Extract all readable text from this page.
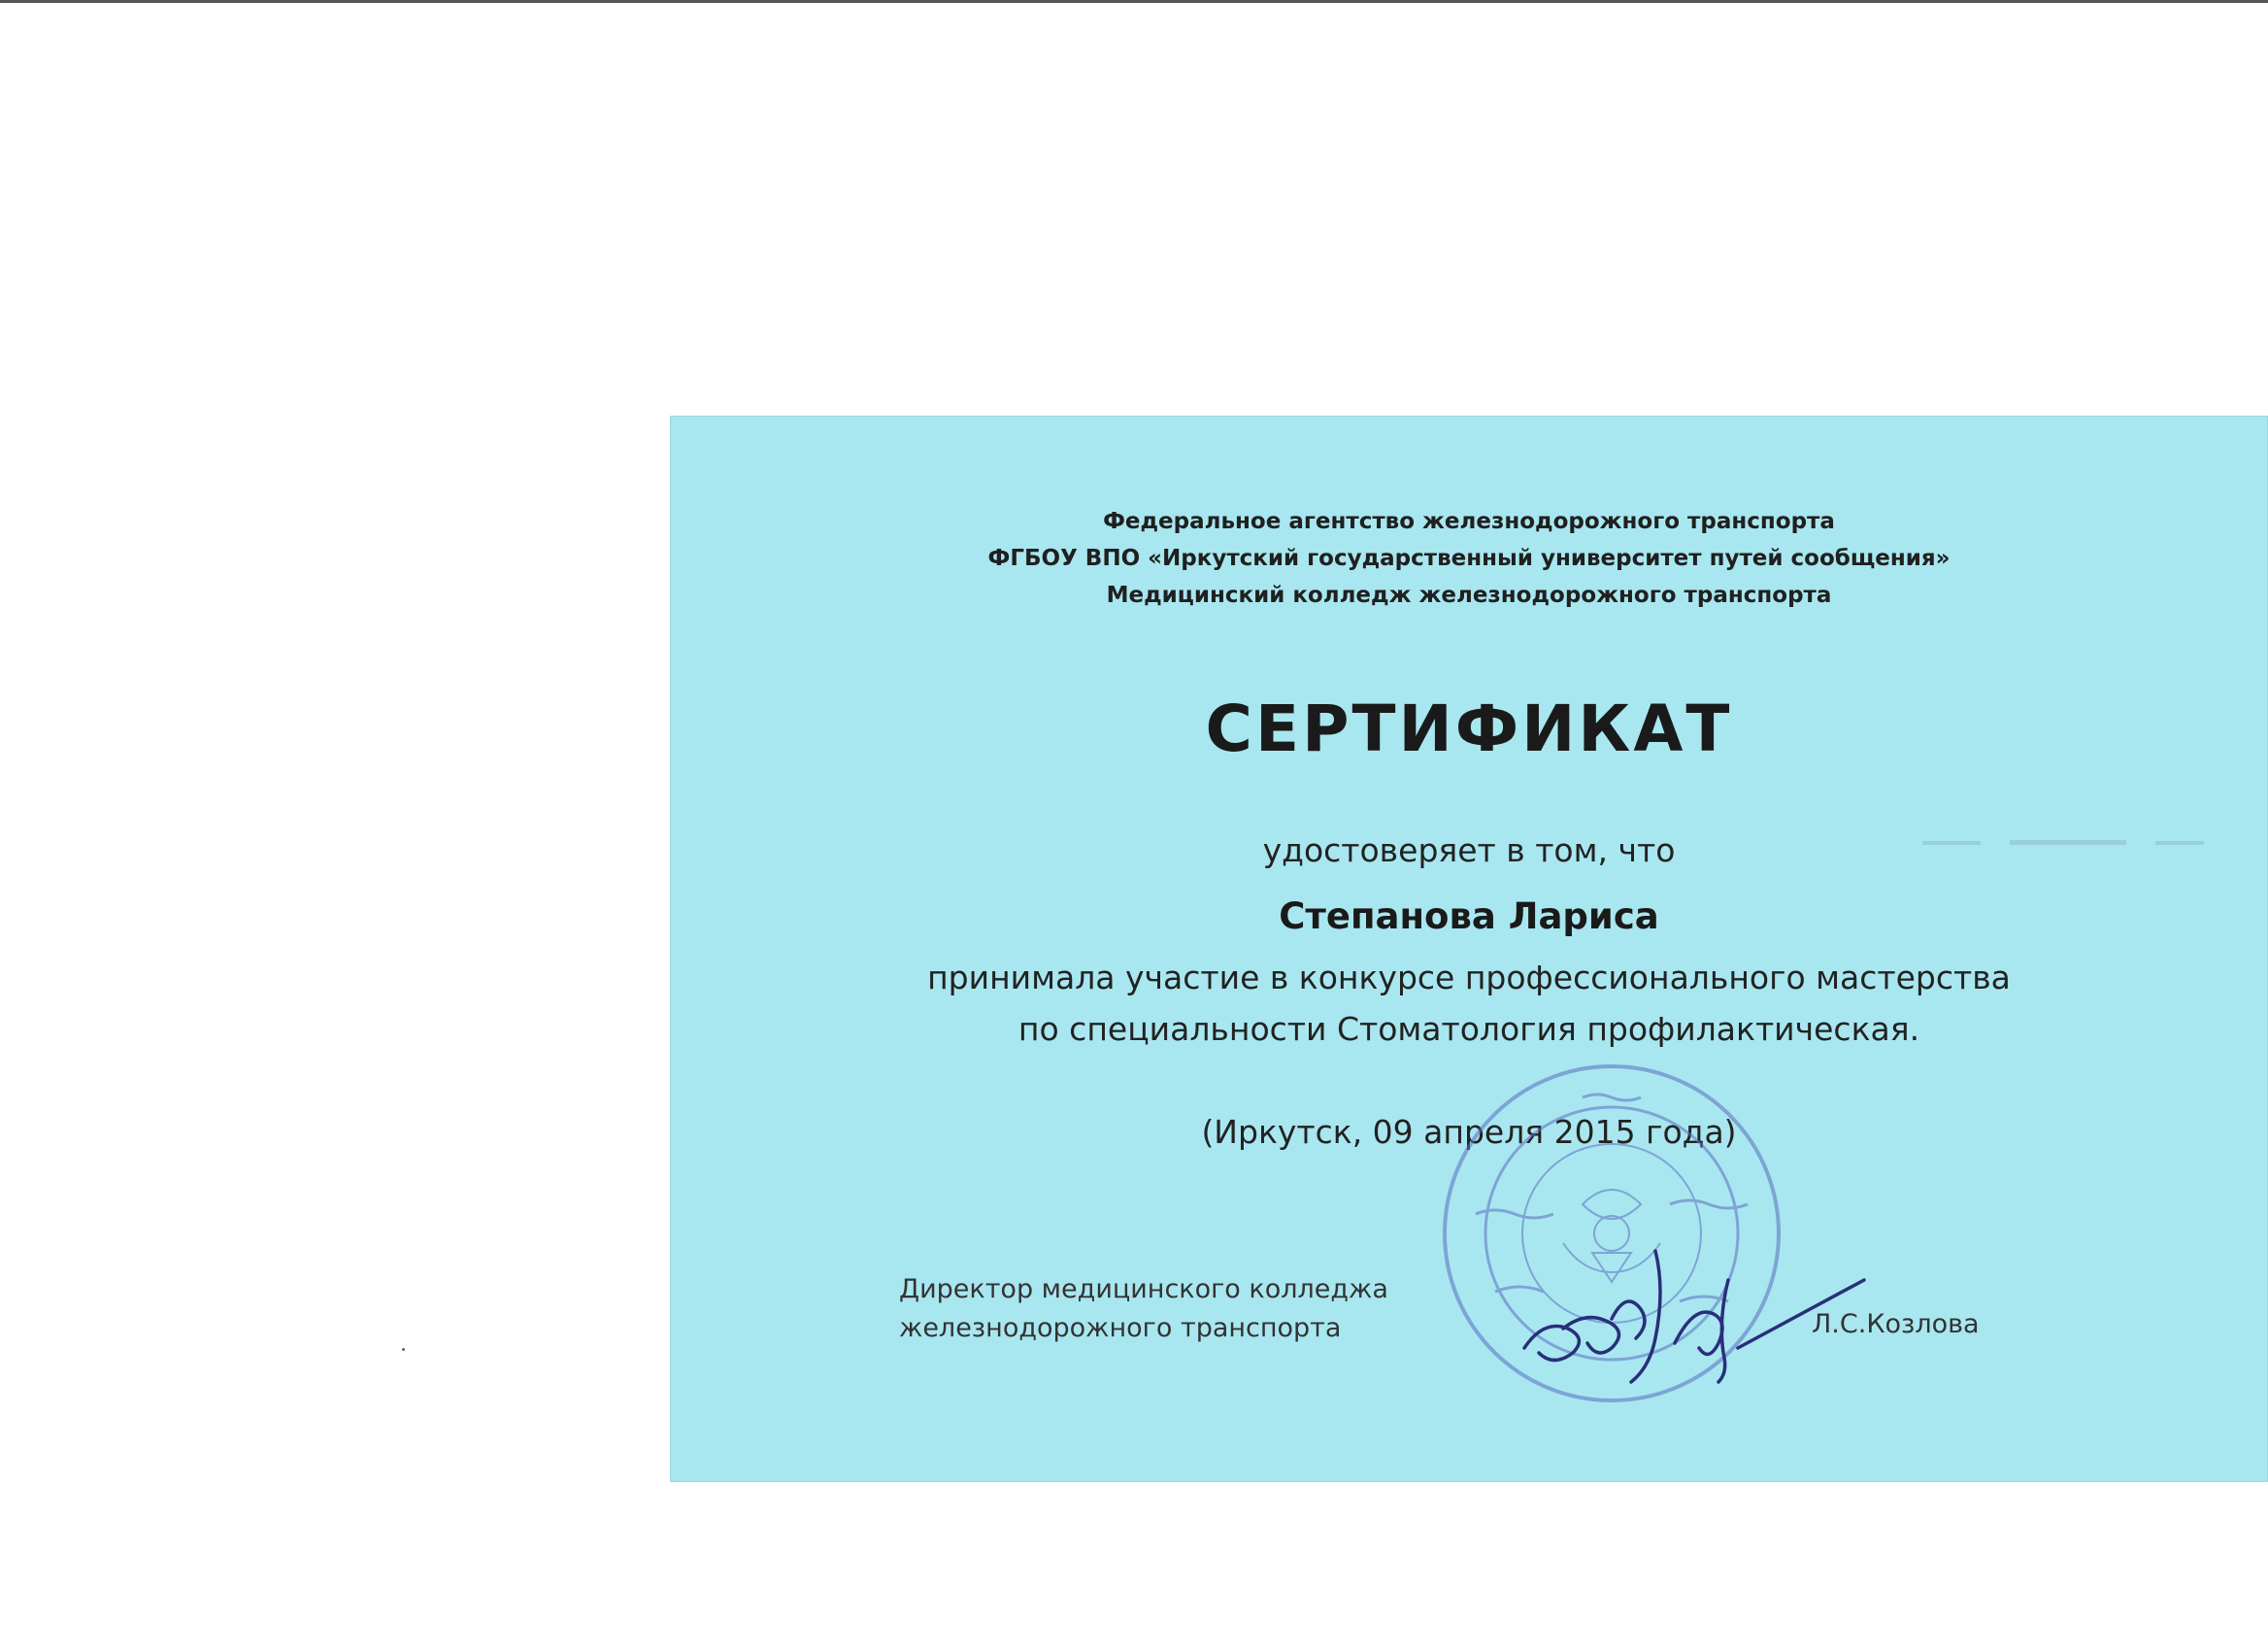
Федеральное агентство железнодорожного транспорта
ФГБОУ ВПО «Иркутский государственный университет путей сообщения»
Медицинский колледж железнодорожного транспорта
СЕРТИФИКАТ
удостоверяет в том, что
Степанова Лариса
принимала участие в конкурсе профессионального мастерства
по специальности Стоматология профилактическая.
(Иркутск, 09 апреля 2015 года)
Директор медицинского колледжа
железнодорожного транспорта	Л.С.Козлова
